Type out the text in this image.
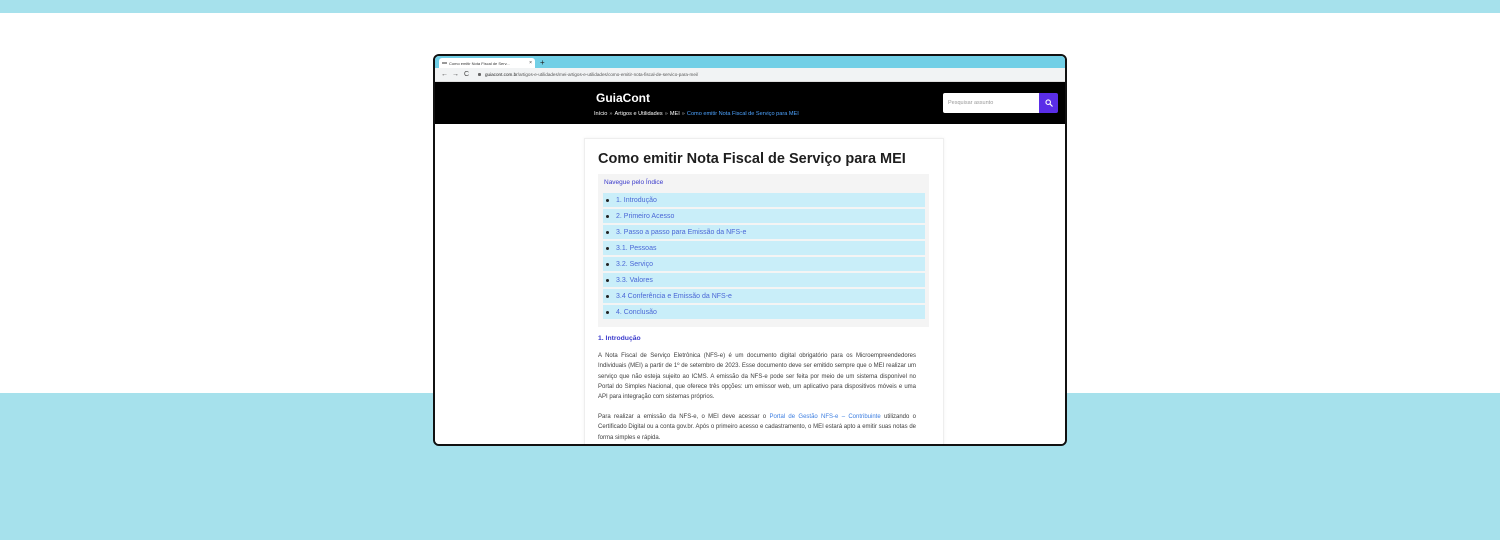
Como emitir Nota Fiscal de Serv...	× +
← → C	guiacont.com.br /artigos-e-utilidades/mei-artigos-e-utilidades/como-emitir-nota-fiscal-de-servico-para-mei/
GuiaCont
Início » Artigos e Utilidades » MEI » Como emitir Nota Fiscal de Serviço para MEI
Pesquisar assunto
Como emitir Nota Fiscal de Serviço para MEI
Navegue pelo Índice
1. Introdução
2. Primeiro Acesso
3. Passo a passo para Emissão da NFS-e
3.1. Pessoas
3.2. Serviço
3.3. Valores
3.4 Conferência e Emissão da NFS-e
4. Conclusão
1. Introdução

A Nota Fiscal de Serviço Eletrônica (NFS-e) é um documento digital obrigatório para os Microempreendedores Individuais (MEI) a partir de 1º de setembro de 2023. Esse documento deve ser emitido sempre que o MEI realizar um serviço que não esteja sujeito ao ICMS. A emissão da NFS-e pode ser feita por meio de um sistema disponível no Portal do Simples Nacional, que oferece três opções: um emissor web, um aplicativo para dispositivos móveis e uma API para integração com sistemas próprios.

Para realizar a emissão da NFS-e, o MEI deve acessar o Portal de Gestão NFS-e – Contribuinte utilizando o Certificado Digital ou a conta gov.br. Após o primeiro acesso e cadastramento, o MEI estará apto a emitir suas notas de forma simples e rápida.
